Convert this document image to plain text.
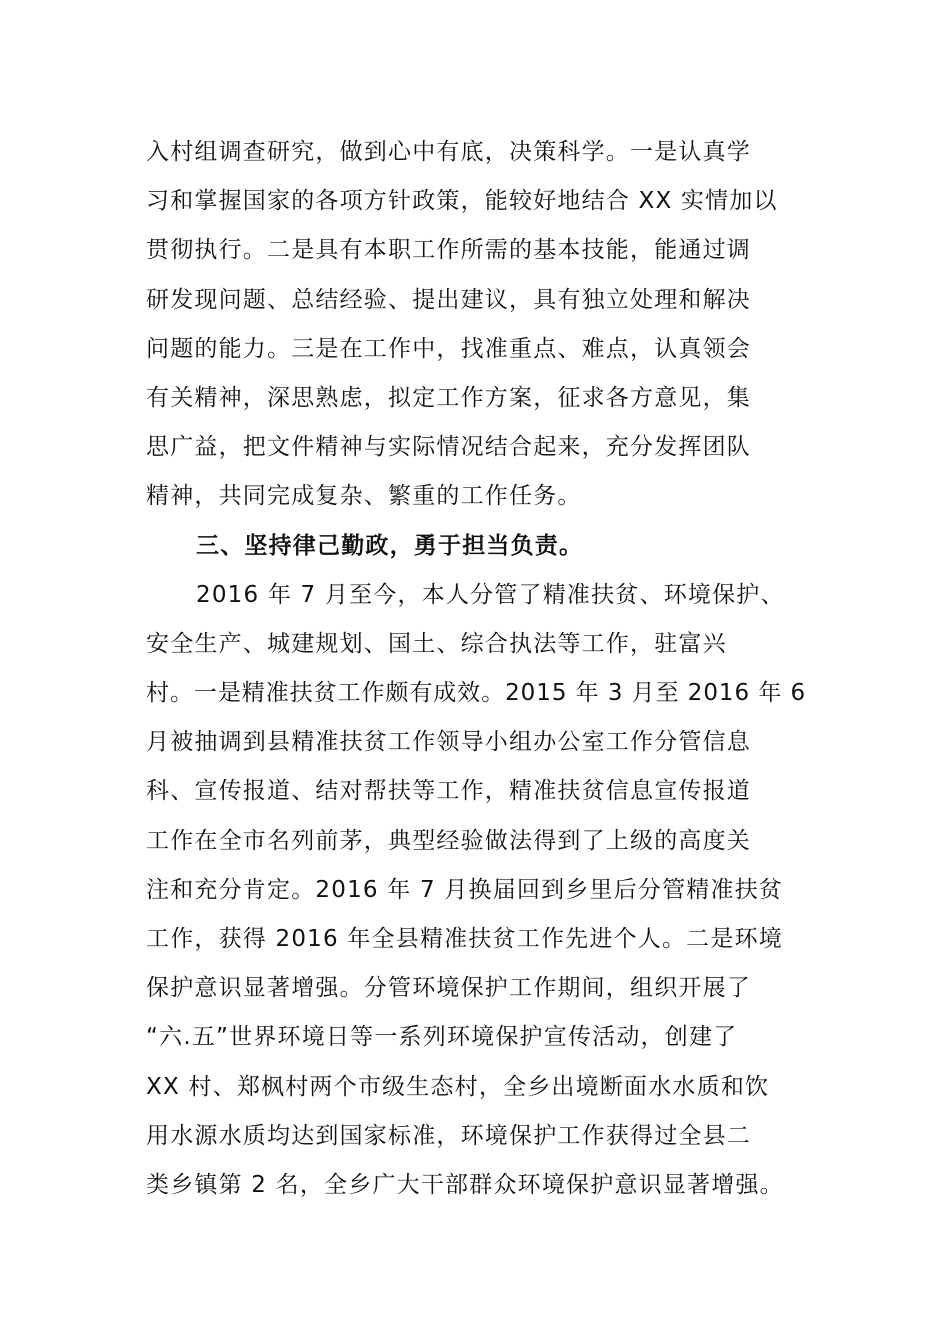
入村组调查研究，做到心中有底，决策科学。一是认真学
习和掌握国家的各项方针政策，能较好地结合 XX 实情加以
贯彻执行。二是具有本职工作所需的基本技能，能通过调
研发现问题、总结经验、提出建议，具有独立处理和解决
问题的能力。三是在工作中，找准重点、难点，认真领会
有关精神，深思熟虑，拟定工作方案，征求各方意见，集
思广益，把文件精神与实际情况结合起来，充分发挥团队
精神，共同完成复杂、繁重的工作任务。
三、坚持律己勤政，勇于担当负责。
2016 年 7 月至今，本人分管了精准扶贫、环境保护、
安全生产、城建规划、国土、综合执法等工作，驻富兴
村。一是精准扶贫工作颇有成效。2015 年 3 月至 2016 年 6
月被抽调到县精准扶贫工作领导小组办公室工作分管信息
科、宣传报道、结对帮扶等工作，精准扶贫信息宣传报道
工作在全市名列前茅，典型经验做法得到了上级的高度关
注和充分肯定。2016 年 7 月换届回到乡里后分管精准扶贫
工作，获得 2016 年全县精准扶贫工作先进个人。二是环境
保护意识显著增强。分管环境保护工作期间，组织开展了
“六.五”世界环境日等一系列环境保护宣传活动，创建了
XX 村、郑枫村两个市级生态村，全乡出境断面水水质和饮
用水源水质均达到国家标准，环境保护工作获得过全县二
类乡镇第 2 名，全乡广大干部群众环境保护意识显著增强。
